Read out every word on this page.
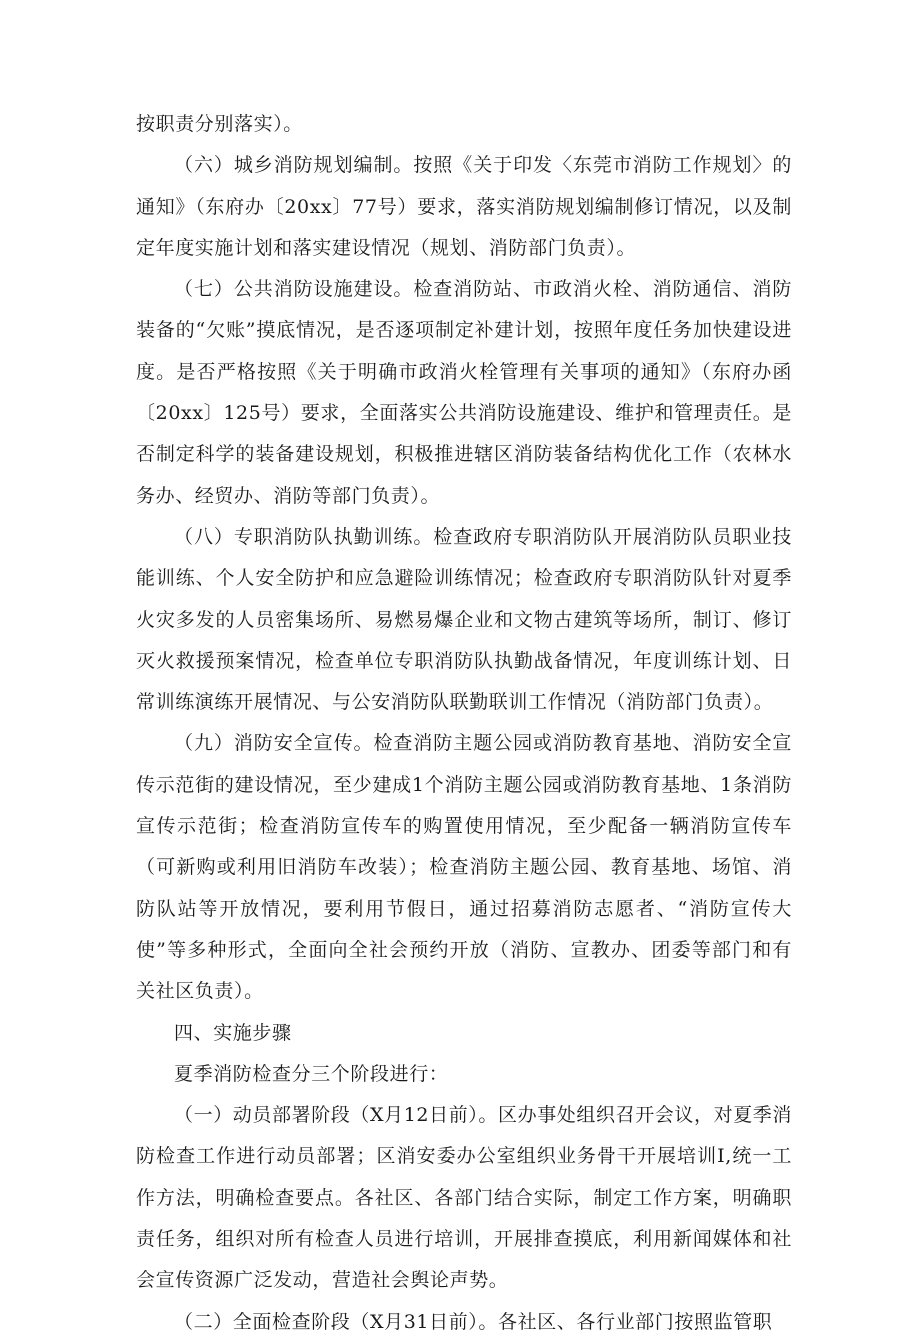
按职责分别落实）。

（六）城乡消防规划编制。按照《关于印发〈东莞市消防工作规划〉的通知》（东府办〔20xx〕77号）要求，落实消防规划编制修订情况，以及制定年度实施计划和落实建设情况（规划、消防部门负责）。

（七）公共消防设施建设。检查消防站、市政消火栓、消防通信、消防装备的“欠账”摸底情况，是否逐项制定补建计划，按照年度任务加快建设进度。是否严格按照《关于明确市政消火栓管理有关事项的通知》（东府办函〔20xx〕125号）要求，全面落实公共消防设施建设、维护和管理责任。是否制定科学的装备建设规划，积极推进辖区消防装备结构优化工作（农林水务办、经贸办、消防等部门负责）。

（八）专职消防队执勤训练。检查政府专职消防队开展消防队员职业技能训练、个人安全防护和应急避险训练情况；检查政府专职消防队针对夏季火灾多发的人员密集场所、易燃易爆企业和文物古建筑等场所，制订、修订灭火救援预案情况，检查单位专职消防队执勤战备情况，年度训练计划、日常训练演练开展情况、与公安消防队联勤联训工作情况（消防部门负责）。

（九）消防安全宣传。检查消防主题公园或消防教育基地、消防安全宣传示范街的建设情况，至少建成1个消防主题公园或消防教育基地、1条消防宣传示范街；检查消防宣传车的购置使用情况，至少配备一辆消防宣传车（可新购或利用旧消防车改装）；检查消防主题公园、教育基地、场馆、消防队站等开放情况，要利用节假日，通过招募消防志愿者、“消防宣传大使”等多种形式，全面向全社会预约开放（消防、宣教办、团委等部门和有关社区负责）。

四、实施步骤

夏季消防检查分三个阶段进行：

（一）动员部署阶段（X月12日前）。区办事处组织召开会议，对夏季消防检查工作进行动员部署；区消安委办公室组织业务骨干开展培训I,统一工作方法，明确检查要点。各社区、各部门结合实际，制定工作方案，明确职责任务，组织对所有检查人员进行培训，开展排查摸底，利用新闻媒体和社会宣传资源广泛发动，营造社会舆论声势。

（二）全面检查阶段（X月31日前）。各社区、各行业部门按照监管职
